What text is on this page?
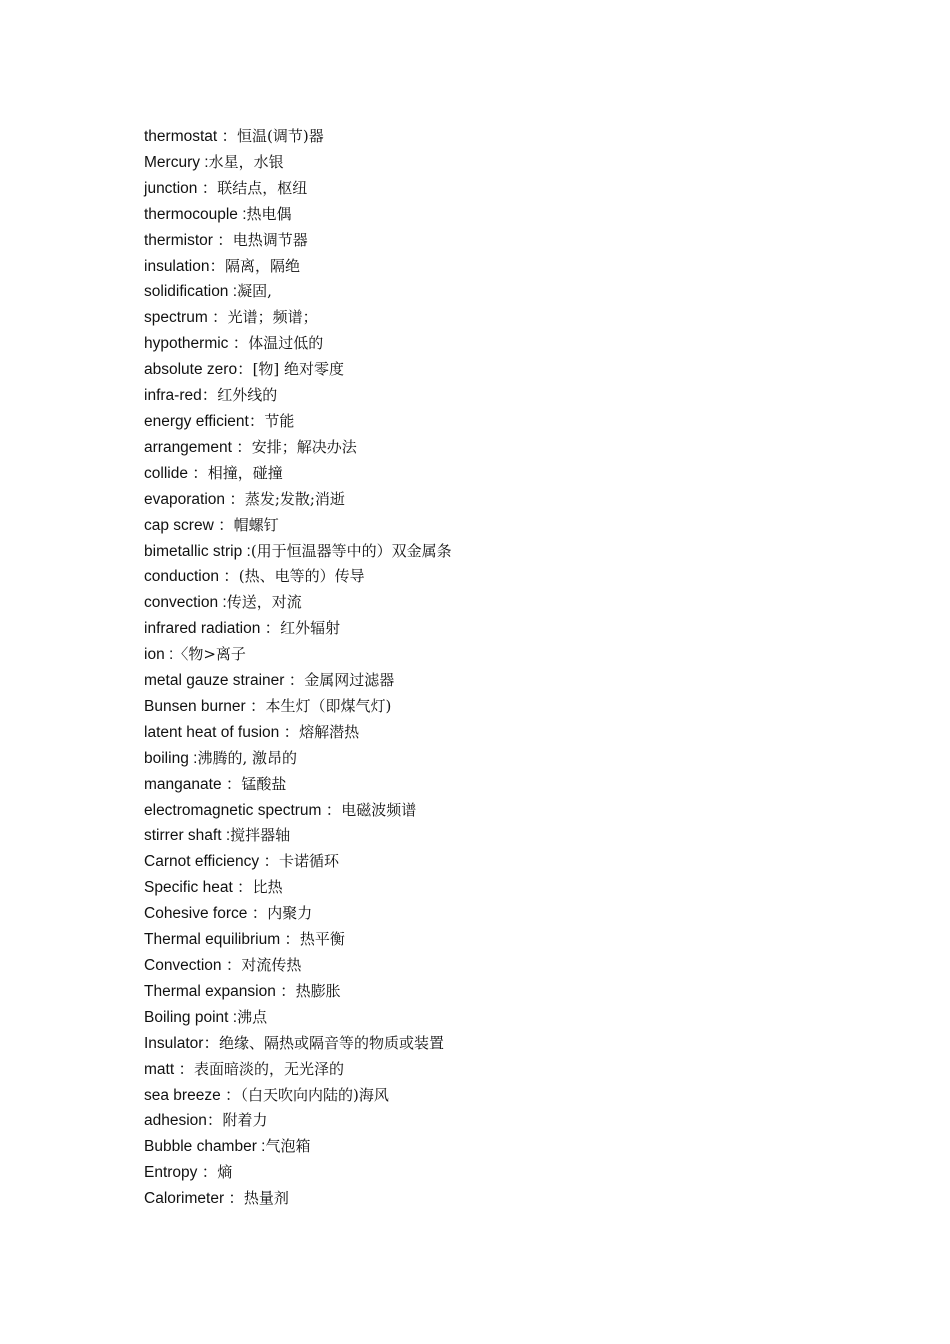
thermostat ：恒温(调节)器
Mercury :水星，水银
junction ：联结点，枢纽
thermocouple :热电偶
thermistor ：电热调节器
insulation：隔离，隔绝
solidification :凝固,
spectrum ：光谱；频谱；
hypothermic ：体温过低的
absolute zero：[物] 绝对零度
infra-red：红外线的
energy efficient：节能
arrangement ：安排；解决办法
collide ：相撞，碰撞
evaporation ：蒸发;发散;消逝
cap screw ：帽螺钉
bimetallic strip :(用于恒温器等中的）双金属条
conduction ：(热、电等的）传导
convection :传送，对流
infrared radiation ：红外辐射
ion :〈物>离子
metal gauze strainer ：金属网过滤器
Bunsen burner ：本生灯（即煤气灯)
latent heat of fusion ：熔解潜热
boiling :沸腾的, 激昂的
manganate ：锰酸盐
electromagnetic spectrum ：电磁波频谱
stirrer shaft :搅拌器轴
Carnot efficiency ：卡诺循环
Specific heat ：比热
Cohesive force ：内聚力
Thermal equilibrium ：热平衡
Convection ：对流传热
Thermal expansion ：热膨胀
Boiling point :沸点
Insulator：绝缘、隔热或隔音等的物质或装置
matt ：表面暗淡的，无光泽的
sea breeze ：（白天吹向内陆的)海风
adhesion：附着力
Bubble chamber :气泡箱
Entropy ：熵
Calorimeter ：热量剂
